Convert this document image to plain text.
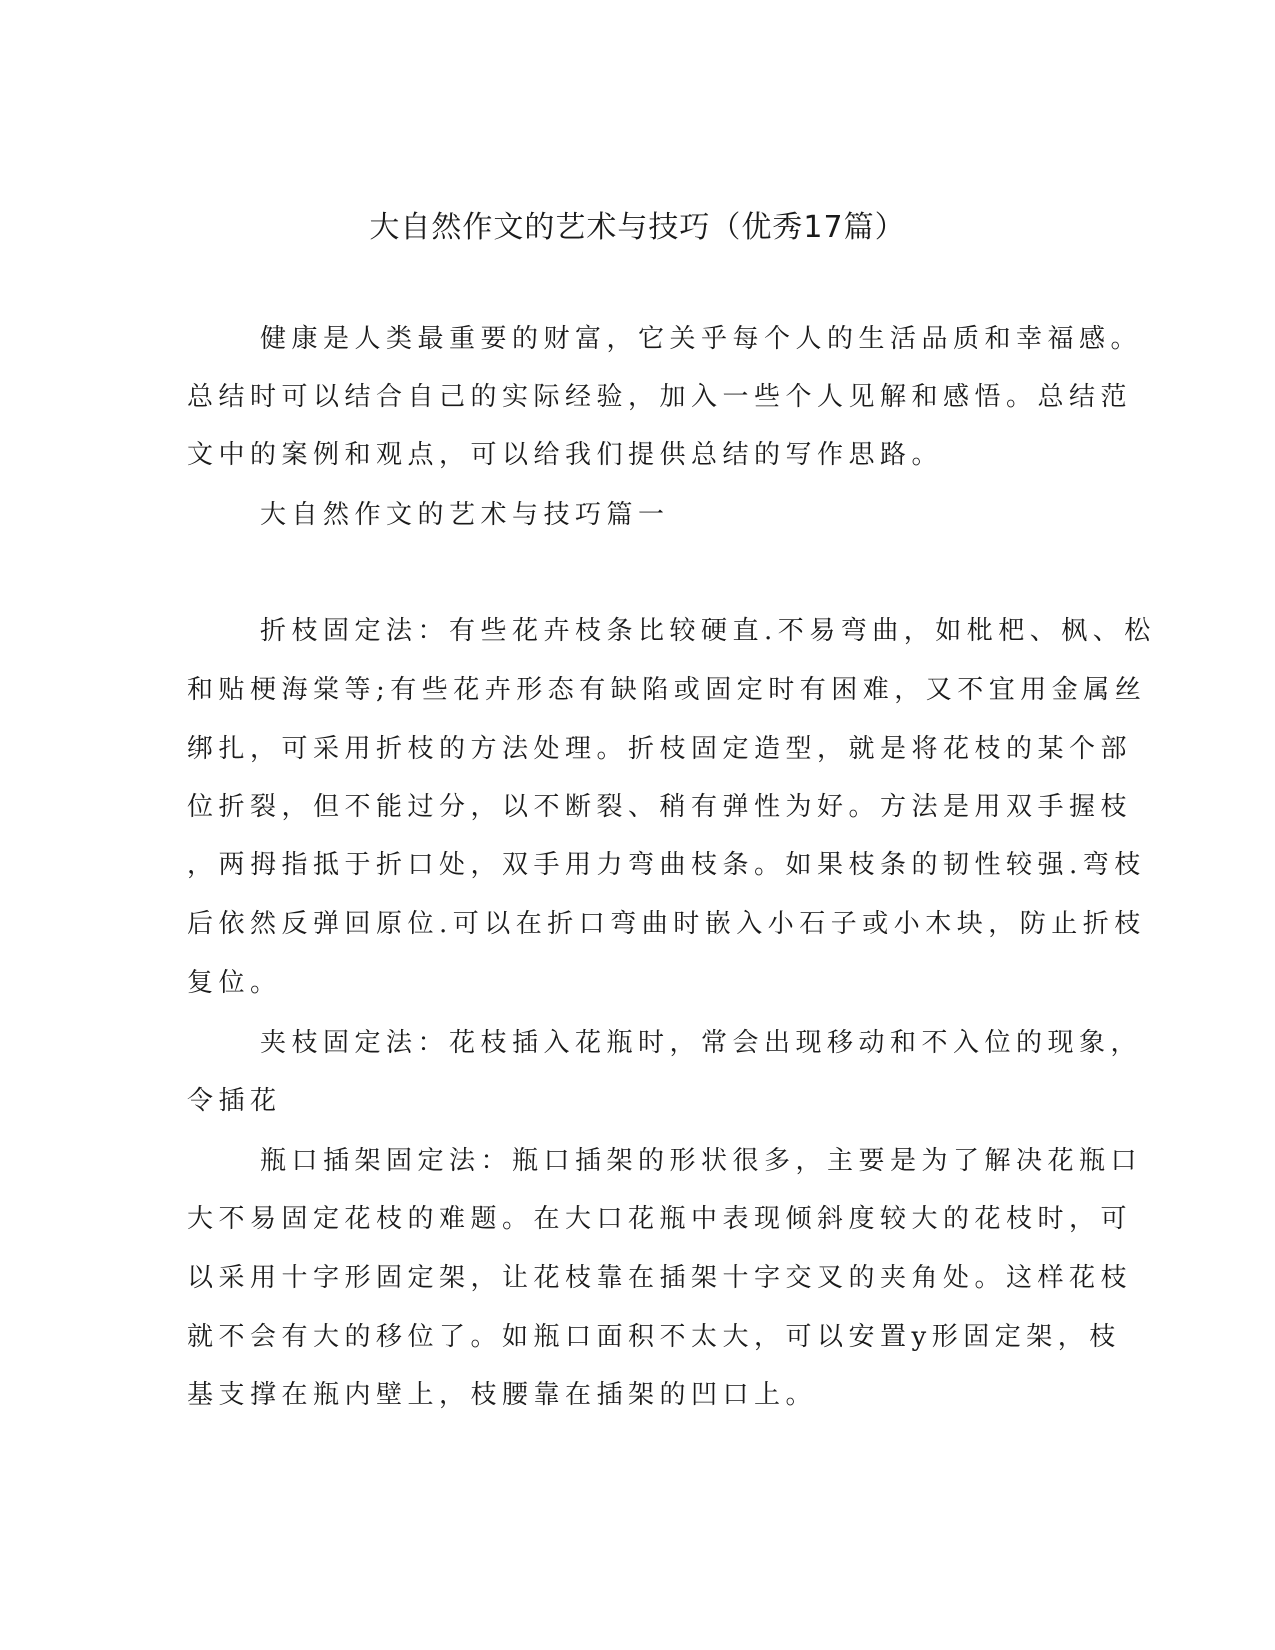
大自然作文的艺术与技巧（优秀17篇）
健康是人类最重要的财富，它关乎每个人的生活品质和幸福感。
总结时可以结合自己的实际经验，加入一些个人见解和感悟。总结范
文中的案例和观点，可以给我们提供总结的写作思路。
大自然作文的艺术与技巧篇一
折枝固定法：有些花卉枝条比较硬直.不易弯曲，如枇杷、枫、松
和贴梗海棠等;有些花卉形态有缺陷或固定时有困难，又不宜用金属丝
绑扎，可采用折枝的方法处理。折枝固定造型，就是将花枝的某个部
位折裂，但不能过分，以不断裂、稍有弹性为好。方法是用双手握枝
，两拇指抵于折口处，双手用力弯曲枝条。如果枝条的韧性较强.弯枝
后依然反弹回原位.可以在折口弯曲时嵌入小石子或小木块，防止折枝
复位。
夹枝固定法：花枝插入花瓶时，常会出现移动和不入位的现象，
令插花
瓶口插架固定法：瓶口插架的形状很多，主要是为了解决花瓶口
大不易固定花枝的难题。在大口花瓶中表现倾斜度较大的花枝时，可
以采用十字形固定架，让花枝靠在插架十字交叉的夹角处。这样花枝
就不会有大的移位了。如瓶口面积不太大，可以安置y形固定架，枝
基支撑在瓶内壁上，枝腰靠在插架的凹口上。
